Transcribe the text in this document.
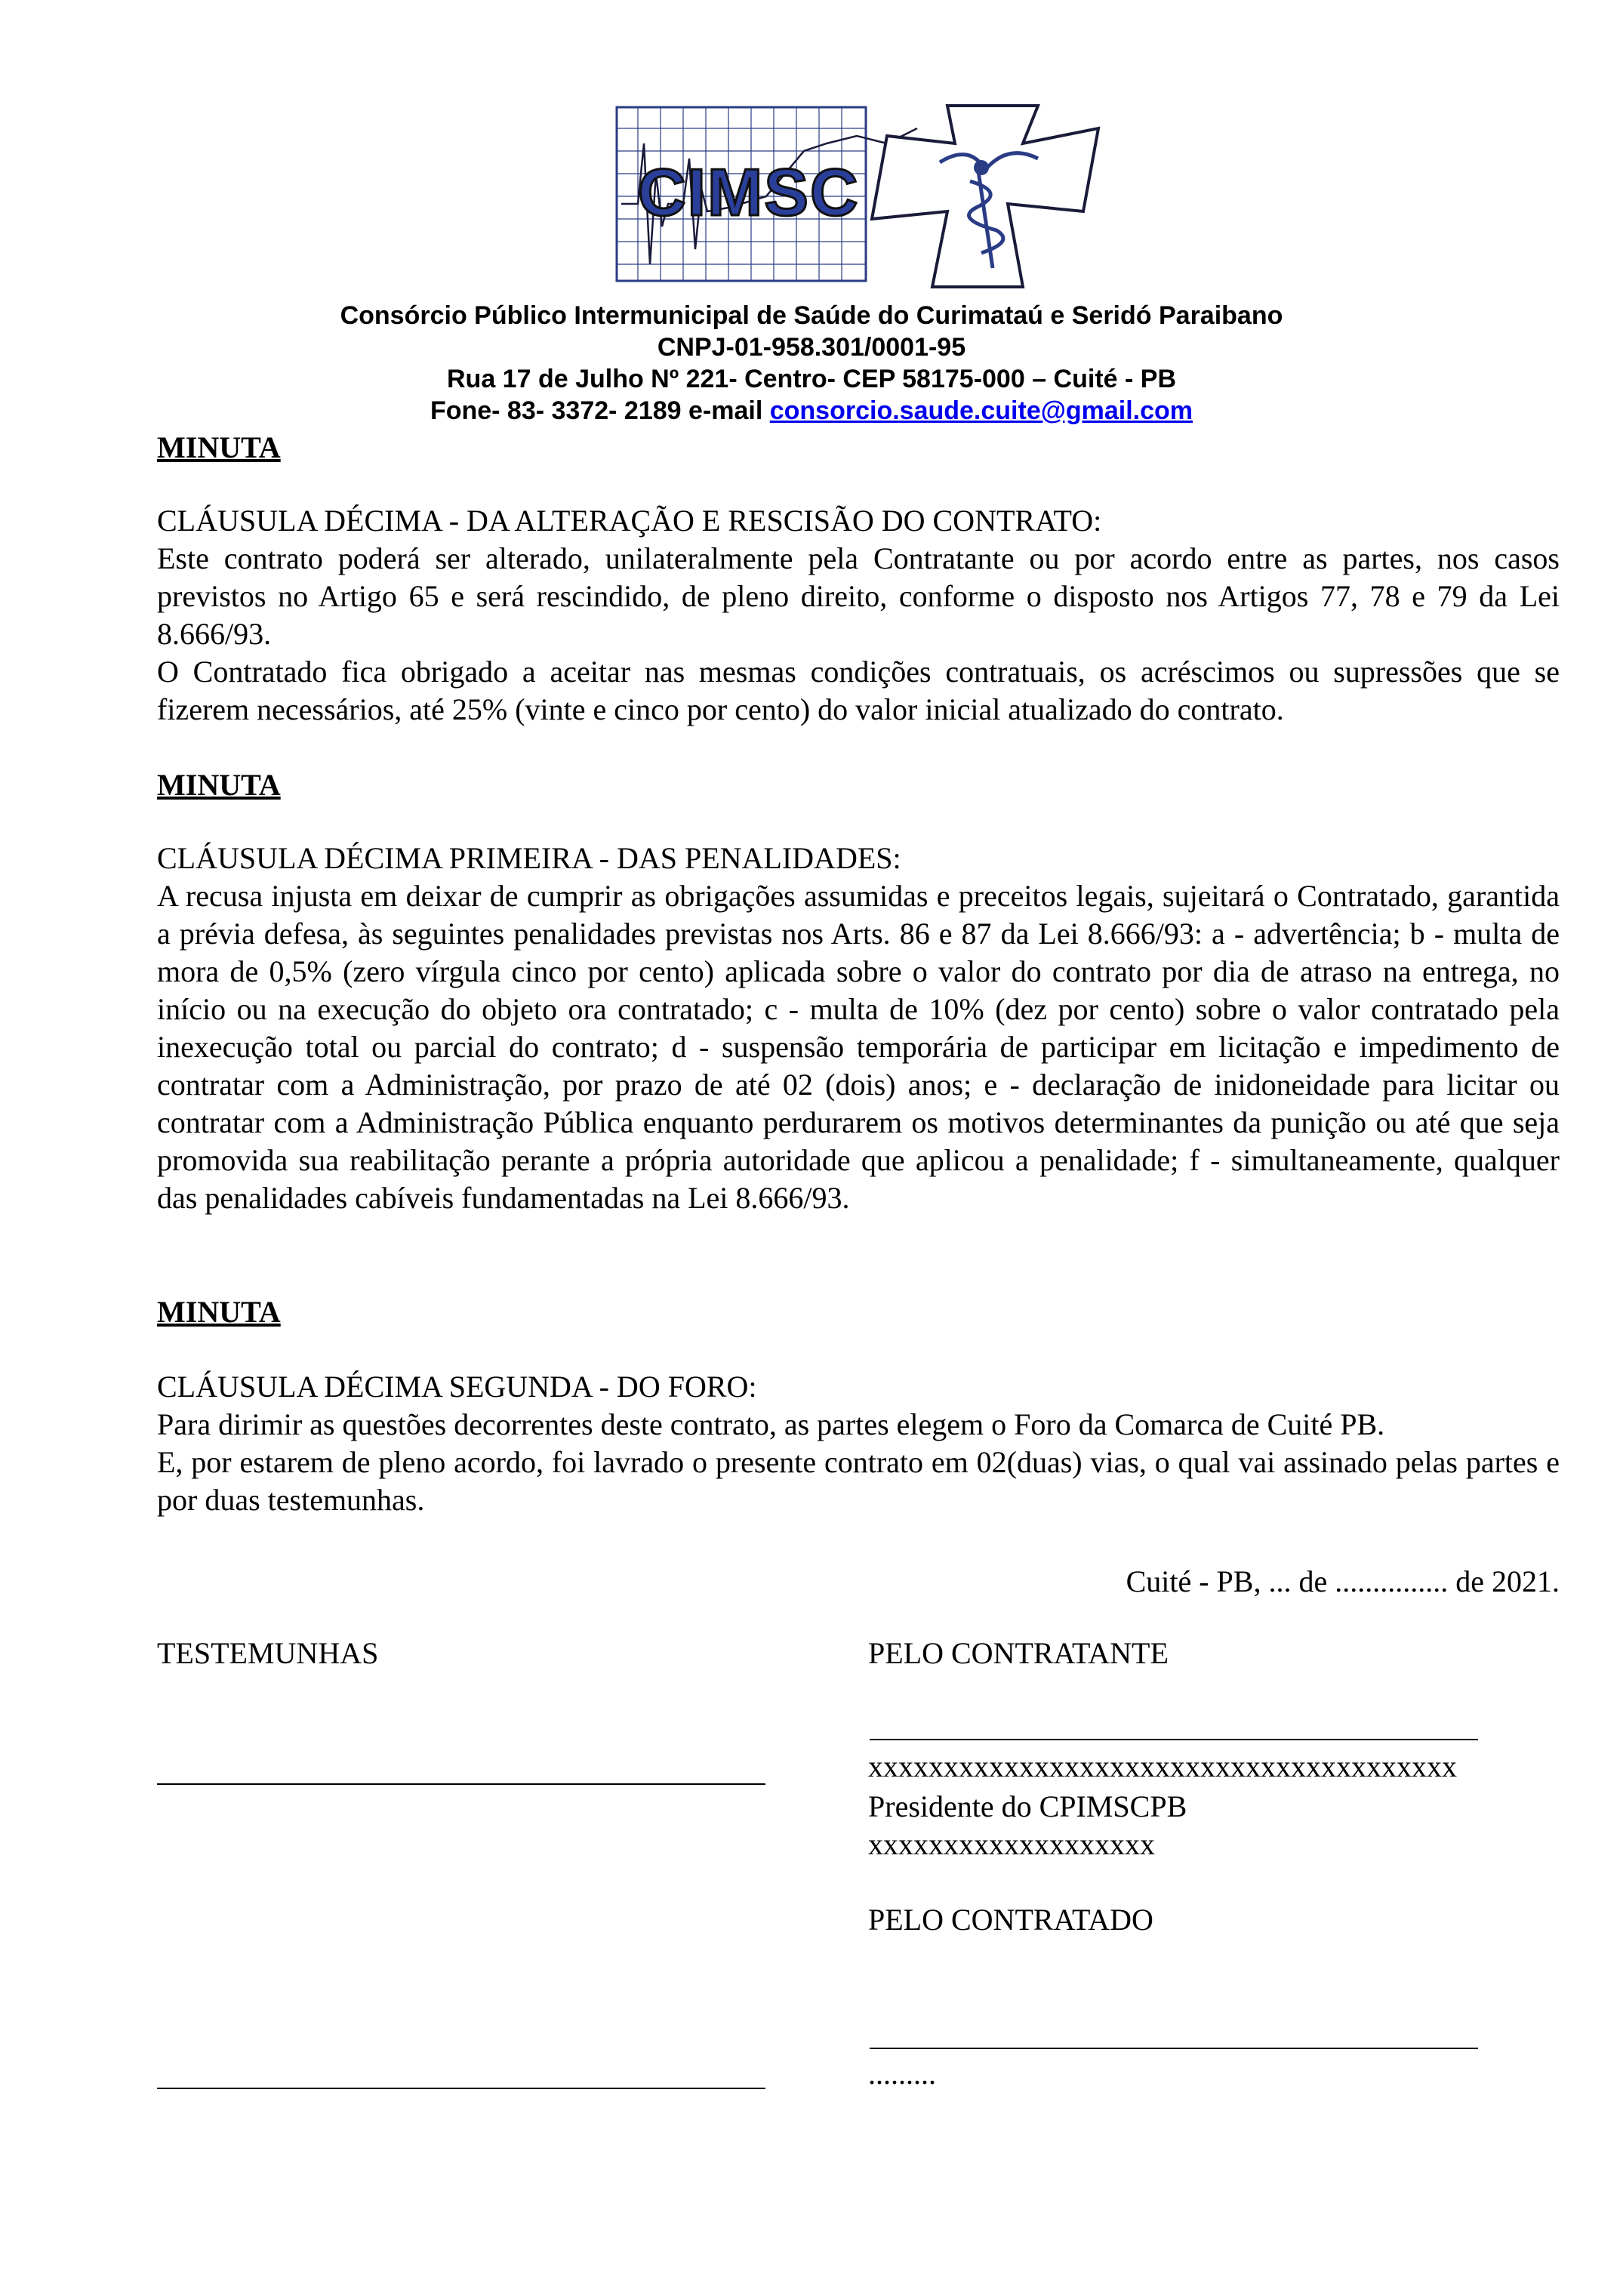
CIMSC
Consórcio Público Intermunicipal de Saúde do Curimataú e Seridó Paraibano
CNPJ-01-958.301/0001-95
Rua 17 de Julho Nº 221- Centro- CEP 58175-000 – Cuité - PB
Fone- 83- 3372- 2189 e-mail consorcio.saude.cuite@gmail.com
MINUTA
CLÁUSULA DÉCIMA - DA ALTERAÇÃO E RESCISÃO DO CONTRATO:
Este contrato poderá ser alterado, unilateralmente pela Contratante ou por acordo entre as partes, nos casos previstos no Artigo 65 e será rescindido, de pleno direito, conforme o disposto nos Artigos 77, 78 e 79 da Lei 8.666/93.
O Contratado fica obrigado a aceitar nas mesmas condições contratuais, os acréscimos ou supressões que se fizerem necessários, até 25% (vinte e cinco por cento) do valor inicial atualizado do contrato.
MINUTA
CLÁUSULA DÉCIMA PRIMEIRA - DAS PENALIDADES:
A recusa injusta em deixar de cumprir as obrigações assumidas e preceitos legais, sujeitará o Contratado, garantida a prévia defesa, às seguintes penalidades previstas nos Arts. 86 e 87 da Lei 8.666/93: a - advertência; b - multa de mora de 0,5% (zero vírgula cinco por cento) aplicada sobre o valor do contrato por dia de atraso na entrega, no início ou na execução do objeto ora contratado; c - multa de 10% (dez por cento) sobre o valor contratado pela inexecução total ou parcial do contrato; d - suspensão temporária de participar em licitação e impedimento de contratar com a Administração, por prazo de até 02 (dois) anos; e - declaração de inidoneidade para licitar ou contratar com a Administração Pública enquanto perdurarem os motivos determinantes da punição ou até que seja promovida sua reabilitação perante a própria autoridade que aplicou a penalidade; f - simultaneamente, qualquer das penalidades cabíveis fundamentadas na Lei 8.666/93.
MINUTA
CLÁUSULA DÉCIMA SEGUNDA - DO FORO:
Para dirimir as questões decorrentes deste contrato, as partes elegem o Foro da Comarca de Cuité PB.
E, por estarem de pleno acordo, foi lavrado o presente contrato em 02(duas) vias, o qual vai assinado pelas partes e por duas testemunhas.
Cuité - PB, ... de ............... de 2021.
TESTEMUNHAS	PELO CONTRATANTE
xxxxxxxxxxxxxxxxxxxxxxxxxxxxxxxxxxxxxxx
Presidente do CPIMSCPB
xxxxxxxxxxxxxxxxxxx
PELO CONTRATADO
.........
